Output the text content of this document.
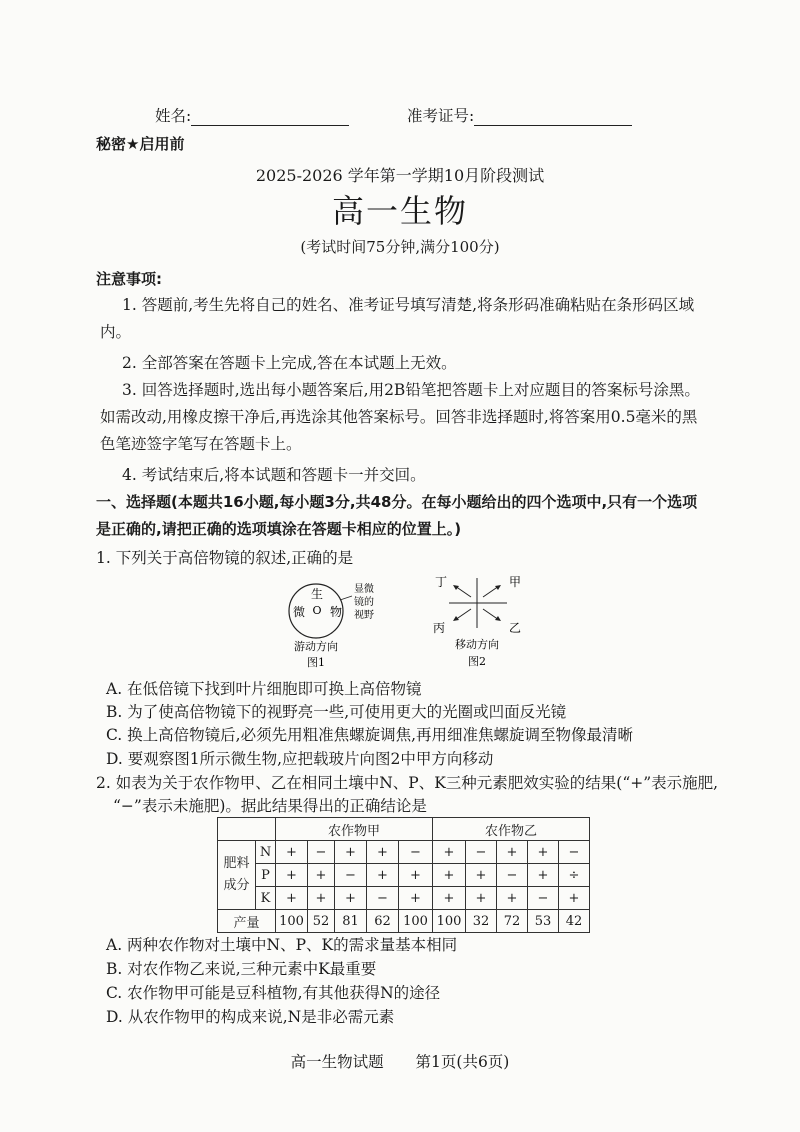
姓名:	准考证号:
秘密★启用前
2025-2026 学年第一学期10月阶段测试
高一生物
(考试时间75分钟,满分100分)
注意事项:
1. 答题前,考生先将自己的姓名、准考证号填写清楚,将条形码准确粘贴在条形码区域内。
2. 全部答案在答题卡上完成,答在本试题上无效。
3. 回答选择题时,选出每小题答案后,用2B铅笔把答题卡上对应题目的答案标号涂黑。如需改动,用橡皮擦干净后,再选涂其他答案标号。回答非选择题时,将答案用0.5毫米的黑色笔迹签字笔写在答题卡上。
4. 考试结束后,将本试题和答题卡一并交回。
一、选择题(本题共16小题,每小题3分,共48分。在每小题给出的四个选项中,只有一个选项是正确的,请把正确的选项填涂在答题卡相应的位置上。)
1. 下列关于高倍物镜的叙述,正确的是
生
微 O 物
显微
镜的
视野
游动方向
图1
丁	甲
丙	乙
移动方向
图2
A. 在低倍镜下找到叶片细胞即可换上高倍物镜
B. 为了使高倍物镜下的视野亮一些,可使用更大的光圈或凹面反光镜
C. 换上高倍物镜后,必须先用粗准焦螺旋调焦,再用细准焦螺旋调至物像最清晰
D. 要观察图1所示微生物,应把载玻片向图2中甲方向移动
2. 如表为关于农作物甲、乙在相同土壤中N、P、K三种元素肥效实验的结果(“+”表示施肥,
“−”表示未施肥)。据此结果得出的正确结论是
		农作物甲					农作物乙				
肥料成分	N	+	−	+	+	−	+	−	+	+	−
	P	+	+	−	+	+	+	+	−	+	÷
	K	+	+	+	−	+	+	+	+	−	+
产量		100	52	81	62	100	100	32	72	53	42
A. 两种农作物对土壤中N、P、K的需求量基本相同
B. 对农作物乙来说,三种元素中K最重要
C. 农作物甲可能是豆科植物,有其他获得N的途径
D. 从农作物甲的构成来说,N是非必需元素
高一生物试题 第1页(共6页)
